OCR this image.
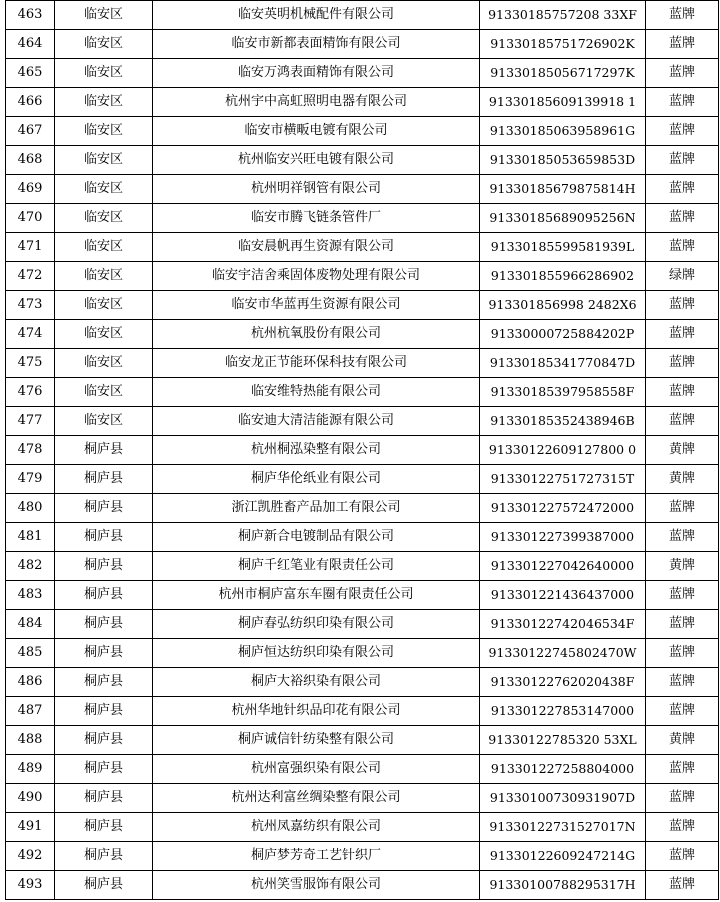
463	临安区	临安英明机械配件有限公司	91330185757208 33XF	蓝牌
464	临安区	临安市新都表面精饰有限公司	91330185751726902K	蓝牌
465	临安区	临安万鸿表面精饰有限公司	91330185056717297K	蓝牌
466	临安区	杭州宇中高虹照明电器有限公司	91330185609139918 1	蓝牌
467	临安区	临安市横畈电镀有限公司	91330185063958961G	蓝牌
468	临安区	杭州临安兴旺电镀有限公司	91330185053659853D	蓝牌
469	临安区	杭州明祥钢管有限公司	91330185679875814H	蓝牌
470	临安区	临安市腾飞链条管件厂	91330185689095256N	蓝牌
471	临安区	临安晨帆再生资源有限公司	91330185599581939L	蓝牌
472	临安区	临安宇洁舍乘固体废物处理有限公司	913301855966286902	绿牌
473	临安区	临安市华蓝再生资源有限公司	913301856998 2482X6	蓝牌
474	临安区	杭州杭氧股份有限公司	91330000725884202P	蓝牌
475	临安区	临安龙正节能环保科技有限公司	91330185341770847D	蓝牌
476	临安区	临安维特热能有限公司	91330185397958558F	蓝牌
477	临安区	临安迪大清洁能源有限公司	91330185352438946B	蓝牌
478	桐庐县	杭州桐泓染整有限公司	91330122609127800 0	黄牌
479	桐庐县	桐庐华伦纸业有限公司	91330122751727315T	黄牌
480	桐庐县	浙江凯胜畜产品加工有限公司	913301227572472000	蓝牌
481	桐庐县	桐庐新合电镀制品有限公司	913301227399387000	蓝牌
482	桐庐县	桐庐千红笔业有限责任公司	913301227042640000	黄牌
483	桐庐县	杭州市桐庐富东车圈有限责任公司	913301221436437000	蓝牌
484	桐庐县	桐庐春弘纺织印染有限公司	91330122742046534F	蓝牌
485	桐庐县	桐庐恒达纺织印染有限公司	91330122745802470W	蓝牌
486	桐庐县	桐庐大裕织染有限公司	91330122762020438F	蓝牌
487	桐庐县	杭州华地针织品印花有限公司	913301227853147000	蓝牌
488	桐庐县	桐庐诚信针纺染整有限公司	91330122785320 53XL	黄牌
489	桐庐县	杭州富强织染有限公司	913301227258804000	蓝牌
490	桐庐县	杭州达利富丝绸染整有限公司	91330100730931907D	蓝牌
491	桐庐县	杭州凤嘉纺织有限公司	91330122731527017N	蓝牌
492	桐庐县	桐庐梦芳奇工艺针织厂	91330122609247214G	蓝牌
493	桐庐县	杭州笑雪服饰有限公司	91330100788295317H	蓝牌
